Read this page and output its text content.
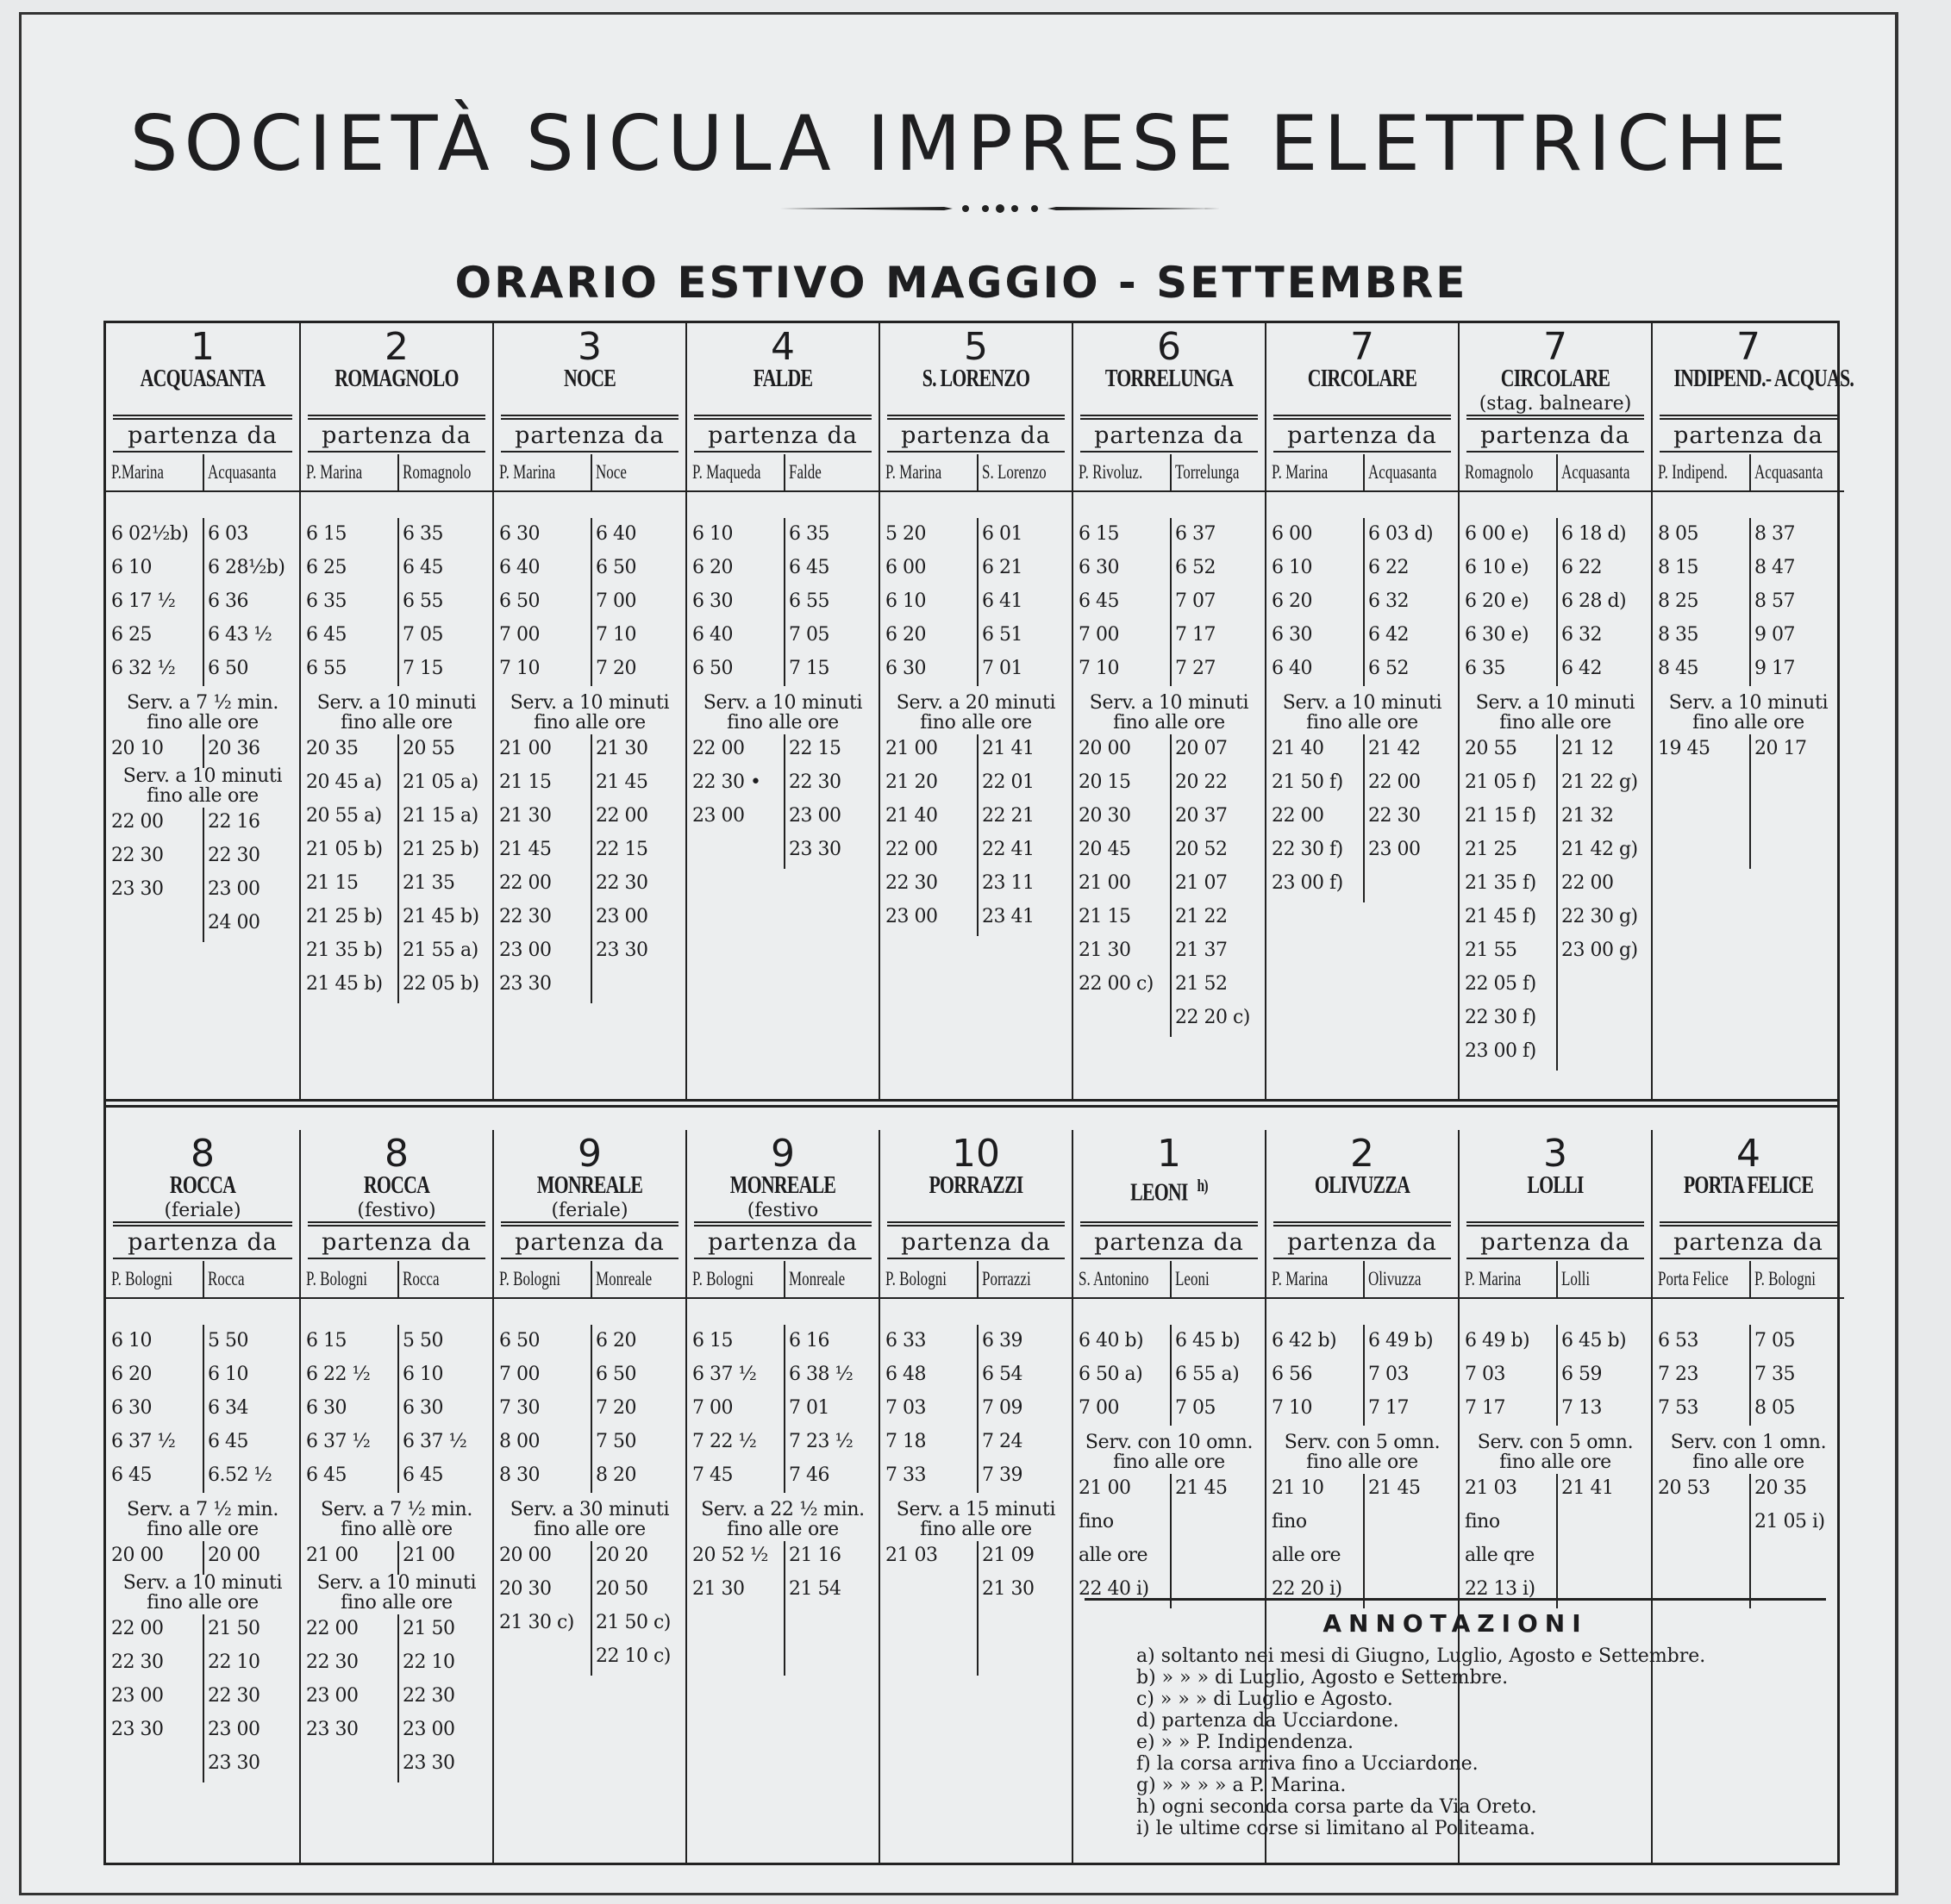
SOCIETÀ SICULA IMPRESE ELETTRICHE
ORARIO ESTIVO MAGGIO - SETTEMBRE
1
ACQUASANTA
partenza da
P.Marina Acquasanta
6 02½b)
6 10
6 17 ½
6 25
6 32 ½
6 03
6 28½b)
6 36
6 43 ½
6 50
Serv. a 7 ½ min.
fino alle ore
20 10 20 36
Serv. a 10 minuti
fino alle ore
22 00
22 30
23 30
22 16
22 30
23 00
24 00
2
ROMAGNOLO
partenza da
P. Marina Romagnolo
6 15
6 25
6 35
6 45
6 55
6 35
6 45
6 55
7 05
7 15
Serv. a 10 minuti
fino alle ore
20 35
20 45 a)
20 55 a)
21 05 b)
21 15
21 25 b)
21 35 b)
21 45 b)
20 55
21 05 a)
21 15 a)
21 25 b)
21 35
21 45 b)
21 55 a)
22 05 b)
3
NOCE
partenza da
P. Marina Noce
6 30
6 40
6 50
7 00
7 10
6 40
6 50
7 00
7 10
7 20
Serv. a 10 minuti
fino alle ore
21 00
21 15
21 30
21 45
22 00
22 30
23 00
23 30
21 30
21 45
22 00
22 15
22 30
23 00
23 30
4
FALDE
partenza da
P. Maqueda Falde
6 10
6 20
6 30
6 40
6 50
6 35
6 45
6 55
7 05
7 15
Serv. a 10 minuti
fino alle ore
22 00
22 30 •
23 00
22 15
22 30
23 00
23 30
5
S. LORENZO
partenza da
P. Marina S. Lorenzo
5 20
6 00
6 10
6 20
6 30
6 01
6 21
6 41
6 51
7 01
Serv. a 20 minuti
fino alle ore
21 00
21 20
21 40
22 00
22 30
23 00
21 41
22 01
22 21
22 41
23 11
23 41
6
TORRELUNGA
partenza da
P. Rivoluz. Torrelunga
6 15
6 30
6 45
7 00
7 10
6 37
6 52
7 07
7 17
7 27
Serv. a 10 minuti
fino alle ore
20 00
20 15
20 30
20 45
21 00
21 15
21 30
22 00 c)
20 07
20 22
20 37
20 52
21 07
21 22
21 37
21 52
22 20 c)
7
CIRCOLARE
partenza da
P. Marina Acquasanta
6 00
6 10
6 20
6 30
6 40
6 03 d)
6 22
6 32
6 42
6 52
Serv. a 10 minuti
fino alle ore
21 40
21 50 f)
22 00
22 30 f)
23 00 f)
21 42
22 00
22 30
23 00
7
CIRCOLARE
(stag. balneare)
partenza da
Romagnolo Acquasanta
6 00 e)
6 10 e)
6 20 e)
6 30 e)
6 35
6 18 d)
6 22
6 28 d)
6 32
6 42
Serv. a 10 minuti
fino alle ore
20 55
21 05 f)
21 15 f)
21 25
21 35 f)
21 45 f)
21 55
22 05 f)
22 30 f)
23 00 f)
21 12
21 22 g)
21 32
21 42 g)
22 00
22 30 g)
23 00 g)
7
INDIPEND.- ACQUAS.
partenza da
P. Indipend. Acquasanta
8 05
8 15
8 25
8 35
8 45
8 37
8 47
8 57
9 07
9 17
Serv. a 10 minuti
fino alle ore
19 45 20 17
8
ROCCA
(feriale)
partenza da
P. Bologni Rocca
6 10
6 20
6 30
6 37 ½
6 45
5 50
6 10
6 34
6 45
6.52 ½
Serv. a 7 ½ min.
fino alle ore
20 00 20 00
Serv. a 10 minuti
fino alle ore
22 00
22 30
23 00
23 30
21 50
22 10
22 30
23 00
23 30
8
ROCCA
(festivo)
partenza da
P. Bologni Rocca
6 15
6 22 ½
6 30
6 37 ½
6 45
5 50
6 10
6 30
6 37 ½
6 45
Serv. a 7 ½ min.
fino allè ore
21 00 21 00
Serv. a 10 minuti
fino alle ore
22 00
22 30
23 00
23 30
21 50
22 10
22 30
23 00
23 30
9
MONREALE
(feriale)
partenza da
P. Bologni Monreale
6 50
7 00
7 30
8 00
8 30
6 20
6 50
7 20
7 50
8 20
Serv. a 30 minuti
fino alle ore
20 00
20 30
21 30 c)
20 20
20 50
21 50 c)
22 10 c)
9
MONREALE
(festivo
partenza da
P. Bologni Monreale
6 15
6 37 ½
7 00
7 22 ½
7 45
6 16
6 38 ½
7 01
7 23 ½
7 46
Serv. a 22 ½ min.
fino alle ore
20 52 ½
21 30
21 16
21 54
10
PORRAZZI
partenza da
P. Bologni Porrazzi
6 33
6 48
7 03
7 18
7 33
6 39
6 54
7 09
7 24
7 39
Serv. a 15 minuti
fino alle ore
21 03 21 09
21 30
1
LEONI $^{h)}$
partenza da
S. Antonino Leoni
6 40 b)
6 50 a)
7 00
6 45 b)
6 55 a)
7 05
Serv. con 10 omn.
fino alle ore
21 00
fino
alle ore
22 40 i)
21 45
2
OLIVUZZA
partenza da
P. Marina Olivuzza
6 42 b)
6 56
7 10
6 49 b)
7 03
7 17
Serv. con 5 omn.
fino alle ore
21 10
fino
alle ore
22 20 i)
21 45
3
LOLLI
partenza da
P. Marina Lolli
6 49 b)
7 03
7 17
6 45 b)
6 59
7 13
Serv. con 5 omn.
fino alle ore
21 03
fino
alle qre
22 13 i)
21 41
4
PORTA FELICE
partenza da
Porta Felice P. Bologni
6 53
7 23
7 53
7 05
7 35
8 05
Serv. con 1 omn.
fino alle ore
20 53 20 35
21 05 i)
ANNOTAZIONI
a) soltanto nei mesi di Giugno, Luglio, Agosto e Settembre.
b) » » » di Luglio, Agosto e Settembre.
c) » » » di Luglio e Agosto.
d) partenza da Ucciardone.
e) » » P. Indipendenza.
f) la corsa arriva fino a Ucciardone.
g) » » » » a P. Marina.
h) ogni seconda corsa parte da Via Oreto.
i) le ultime corse si limitano al Politeama.
